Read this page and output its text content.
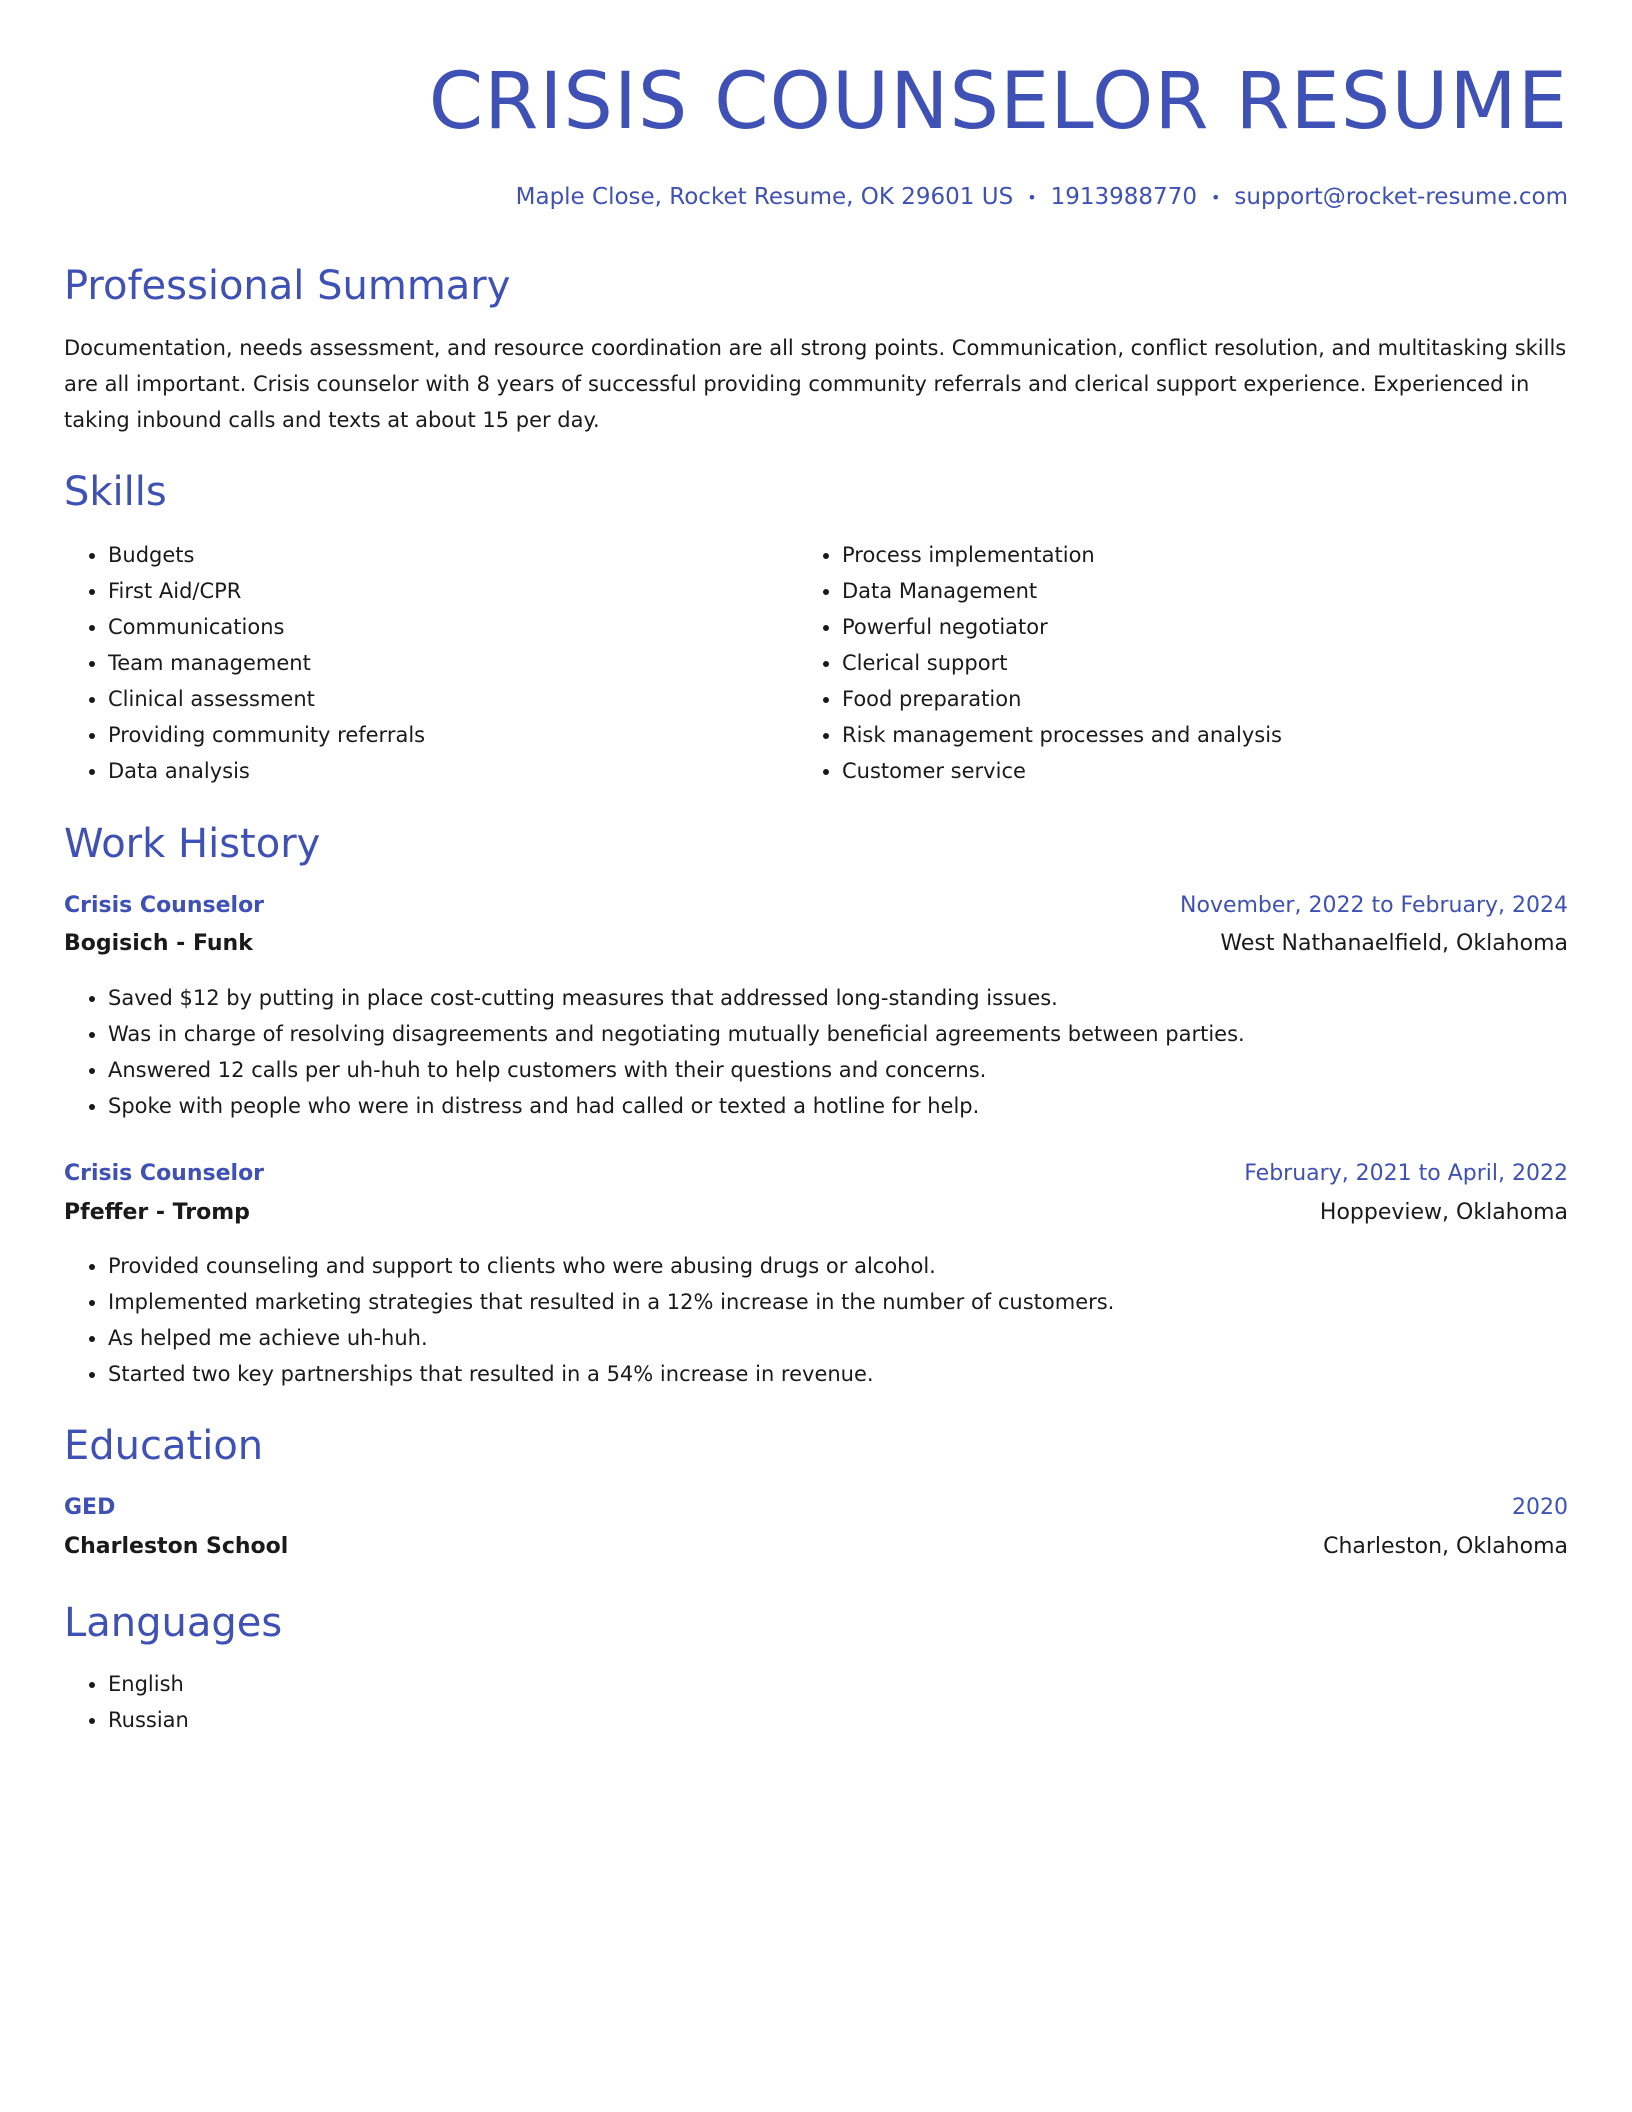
CRISIS COUNSELOR RESUME
Maple Close, Rocket Resume, OK 29601 US • 1913988770 • support@rocket-resume.com
Professional Summary

Documentation, needs assessment, and resource coordination are all strong points. Communication, conflict resolution, and multitasking skills are all important. Crisis counselor with 8 years of successful providing community referrals and clerical support experience. Experienced in taking inbound calls and texts at about 15 per day.

Skills
• Budgets
• First Aid/CPR
• Communications
• Team management
• Clinical assessment
• Providing community referrals
• Data analysis
• Process implementation
• Data Management
• Powerful negotiator
• Clerical support
• Food preparation
• Risk management processes and analysis
• Customer service
Work History
Crisis Counselor	November, 2022 to February, 2024
Bogisich - Funk	West Nathanaelfield, Oklahoma
• Saved $12 by putting in place cost-cutting measures that addressed long-standing issues.
• Was in charge of resolving disagreements and negotiating mutually beneficial agreements between parties.
• Answered 12 calls per uh-huh to help customers with their questions and concerns.
• Spoke with people who were in distress and had called or texted a hotline for help.
Crisis Counselor	February, 2021 to April, 2022
Pfeffer - Tromp	Hoppeview, Oklahoma
• Provided counseling and support to clients who were abusing drugs or alcohol.
• Implemented marketing strategies that resulted in a 12% increase in the number of customers.
• As helped me achieve uh-huh.
• Started two key partnerships that resulted in a 54% increase in revenue.
Education
GED	2020
Charleston School	Charleston, Oklahoma
Languages
• English
• Russian
